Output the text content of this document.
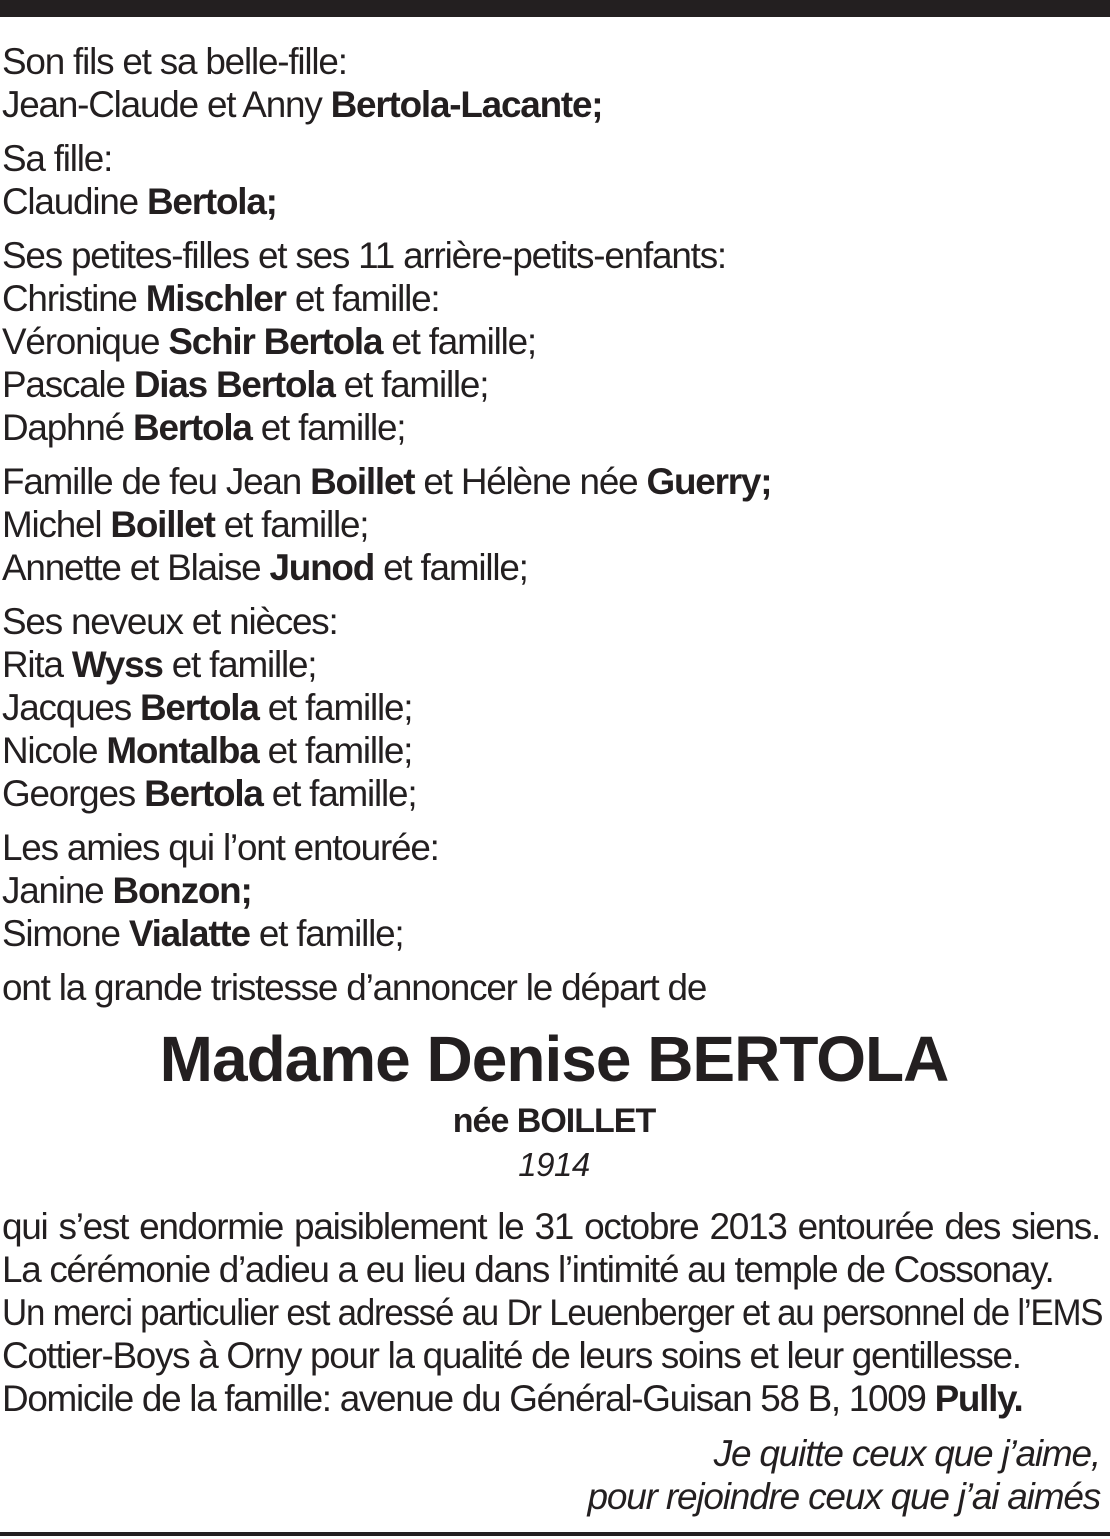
Son fils et sa belle-fille:
Jean-Claude et Anny Bertola-Lacante;
Sa fille:
Claudine Bertola;
Ses petites-filles et ses 11 arrière-petits-enfants:
Christine Mischler et famille:
Véronique Schir Bertola et famille;
Pascale Dias Bertola et famille;
Daphné Bertola et famille;
Famille de feu Jean Boillet et Hélène née Guerry;
Michel Boillet et famille;
Annette et Blaise Junod et famille;
Ses neveux et nièces:
Rita Wyss et famille;
Jacques Bertola et famille;
Nicole Montalba et famille;
Georges Bertola et famille;
Les amies qui l’ont entourée:
Janine Bonzon;
Simone Vialatte et famille;
ont la grande tristesse d’annoncer le départ de
Madame Denise BERTOLA
née BOILLET
1914
qui s’est endormie paisiblement le 31 octobre 2013 entourée des siens.
La cérémonie d’adieu a eu lieu dans l’intimité au temple de Cossonay.
Un merci particulier est adressé au Dr Leuenberger et au personnel de l’EMS
Cottier-Boys à Orny pour la qualité de leurs soins et leur gentillesse.
Domicile de la famille: avenue du Général-Guisan 58 B, 1009 Pully.
Je quitte ceux que j’aime,
pour rejoindre ceux que j’ai aimés
